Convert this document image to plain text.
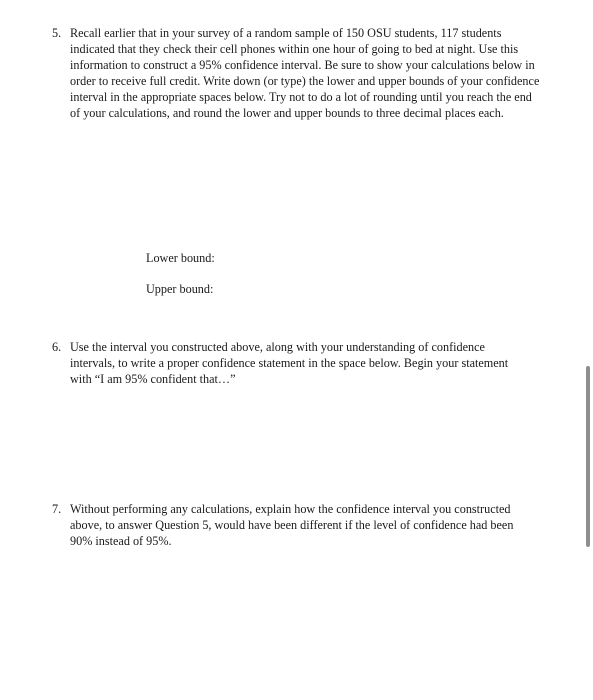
5. Recall earlier that in your survey of a random sample of 150 OSU students, 117 students indicated that they check their cell phones within one hour of going to bed at night. Use this information to construct a 95% confidence interval. Be sure to show your calculations below in order to receive full credit. Write down (or type) the lower and upper bounds of your confidence interval in the appropriate spaces below. Try not to do a lot of rounding until you reach the end of your calculations, and round the lower and upper bounds to three decimal places each.
Lower bound:
Upper bound:
6. Use the interval you constructed above, along with your understanding of confidence intervals, to write a proper confidence statement in the space below. Begin your statement with “I am 95% confident that…”
7. Without performing any calculations, explain how the confidence interval you constructed above, to answer Question 5, would have been different if the level of confidence had been 90% instead of 95%.
